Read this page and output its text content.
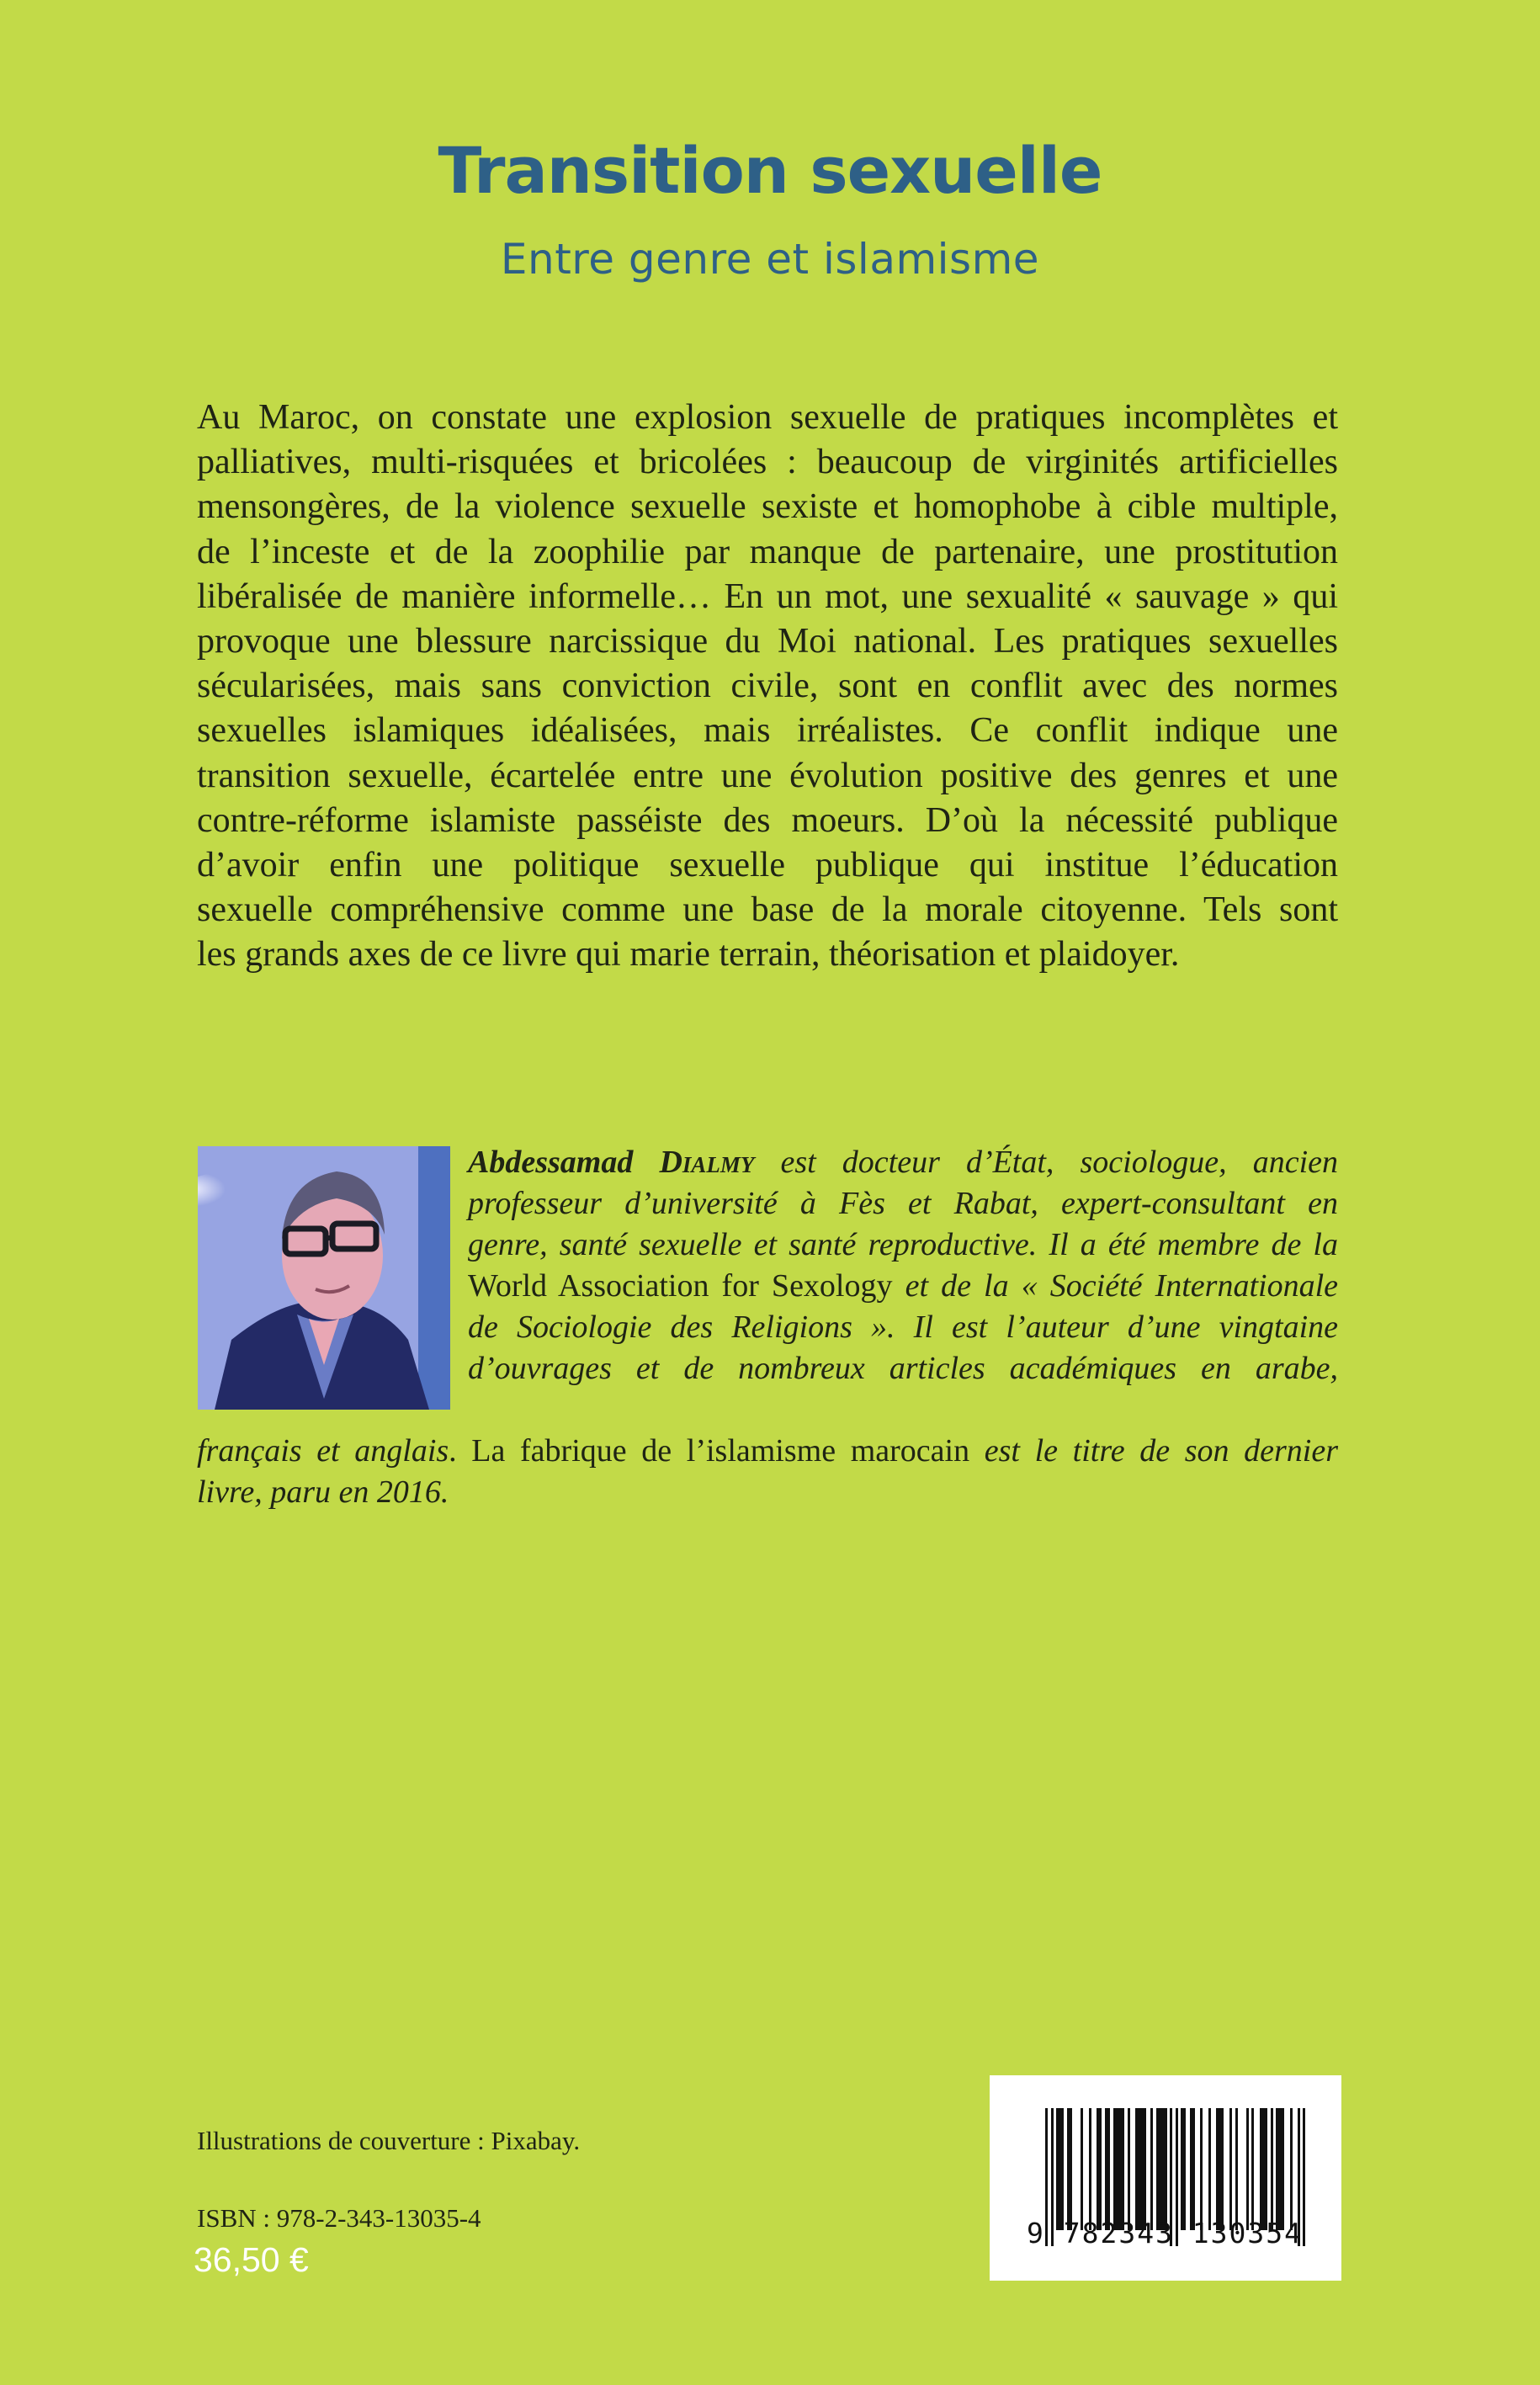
Transition sexuelle
Entre genre et islamisme
Au Maroc, on constate une explosion sexuelle de pratiques incomplètes et
palliatives, multi-risquées et bricolées : beaucoup de virginités artificielles
mensongères, de la violence sexuelle sexiste et homophobe à cible multiple,
de l’inceste et de la zoophilie par manque de partenaire, une prostitution
libéralisée de manière informelle… En un mot, une sexualité « sauvage » qui
provoque une blessure narcissique du Moi national. Les pratiques sexuelles
sécularisées, mais sans conviction civile, sont en conflit avec des normes
sexuelles islamiques idéalisées, mais irréalistes. Ce conflit indique une
transition sexuelle, écartelée entre une évolution positive des genres et une
contre-réforme islamiste passéiste des moeurs. D’où la nécessité publique
d’avoir enfin une politique sexuelle publique qui institue l’éducation
sexuelle compréhensive comme une base de la morale citoyenne. Tels sont
les grands axes de ce livre qui marie terrain, théorisation et plaidoyer.
Abdessamad Dialmy est docteur d’État, sociologue, ancien
professeur d’université à Fès et Rabat, expert-consultant en
genre, santé sexuelle et santé reproductive. Il a été membre de la
World Association for Sexology et de la « Société Internationale
de Sociologie des Religions ». Il est l’auteur d’une vingtaine
d’ouvrages et de nombreux articles académiques en arabe,
français et anglais. La fabrique de l’islamisme marocain est le titre de son dernier
livre, paru en 2016.
Illustrations de couverture : Pixabay.
ISBN : 978-2-343-13035-4
36,50 €
9 782343 130354
